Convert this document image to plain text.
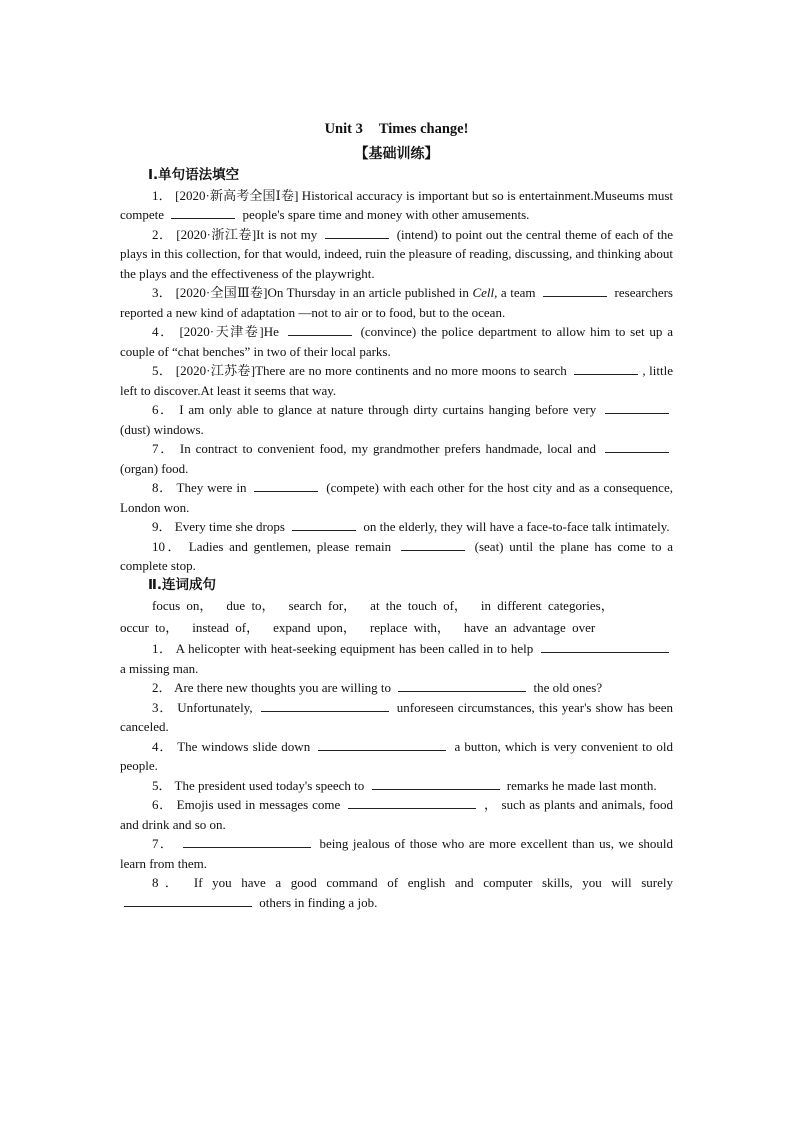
Unit 3 Times change!
【基础训练】
Ⅰ.单句语法填空
1． [2020·新高考全国Ⅰ卷] Historical accuracy is important but so is entertainment.Museums must compete	people's spare time and money with other amusements.
2． [2020·浙江卷]It is not my	(intend) to point out the central theme of each of the plays in this collection, for that would, indeed, ruin the pleasure of reading, discussing, and thinking about the plays and the effectiveness of the playwright.
3． [2020·全国Ⅲ卷]On Thursday in an article published in Cell, a team	researchers reported a new kind of adaptation —not to air or to food, but to the ocean.
4． [2020·天津卷]He	(convince) the police department to allow him to set up a couple of “chat benches” in two of their local parks.
5． [2020·江苏卷]There are no more continents and no more moons to search	, little left to discover.At least it seems that way.
6． I am only able to glance at nature through dirty curtains hanging before very  (dust) windows.
7． In contract to convenient food, my grandmother prefers handmade, local and  (organ) food.
8． They were in	(compete) with each other for the host city and as a consequence, London won.
9． Every time she drops	on the elderly, they will have a face-to-face talk intimately.
10． Ladies and gentlemen, please remain	(seat) until the plane has come to a complete stop.
Ⅱ.连词成句
focus on， due to， search for， at the touch of， in different categories，
occur to， instead of， expand upon， replace with， have an advantage over
1． A helicopter with heat-seeking equipment has been called in to help  a missing man.
2． Are there new thoughts you are willing to	the old ones?
3． Unfortunately,	unforeseen circumstances, this year's show has been canceled.
4． The windows slide down	a button, which is very convenient to old people.
5． The president used today's speech to	remarks he made last month.
6． Emojis used in messages come	， such as plants and animals, food and drink and so on.
7．	being jealous of those who are more excellent than us, we should learn from them.
8． If you have a good command of english and computer skills, you will surely  others in finding a job.
